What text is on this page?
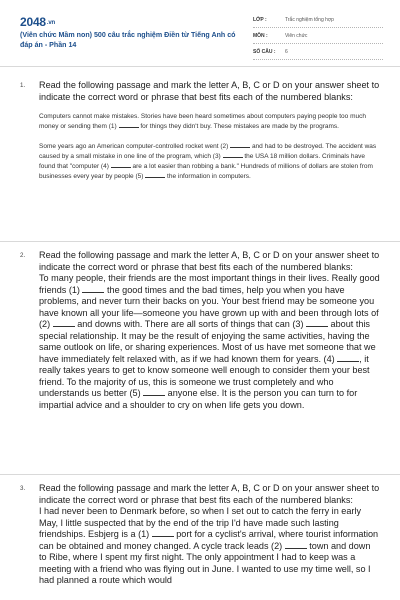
2048.vn
(Viên chức Mầm non) 500 câu trắc nghiệm Điền từ Tiếng Anh có đáp án - Phần 14
LỚP :	Trắc nghiệm tổng hợp
MÔN :	Viên chức
SỐ CÂU : 6
1. Read the following passage and mark the letter A, B, C or D on your answer sheet to indicate the correct word or phrase that best fits each of the numbered blanks:
Computers cannot make mistakes. Stories have been heard sometimes about computers paying people too much money or sending them (1)	for things they didn't buy. These mistakes are made by the programs.
Some years ago an American computer-controlled rocket went (2)	and had to be destroyed. The accident was caused by a small mistake in one line of the program, which (3)	the USA 18 million dollars. Criminals have found that "computer (4)	are a lot easier than robbing a bank." Hundreds of millions of dollars are stolen from businesses every year by people (5)	the information in computers.
2. Read the following passage and mark the letter A, B, C or D on your answer sheet to indicate the correct word or phrase that best fits each of the numbered blanks:
To many people, their friends are the most important things in their lives. Really good friends (1)	the good times and the bad times, help you when you have problems, and never turn their backs on you. Your best friend may be someone you have known all your life—someone you have grown up with and been through lots of (2)	and downs with. There are all sorts of things that can (3)	about this special relationship. It may be the result of enjoying the same activities, having the same outlook on life, or sharing experiences. Most of us have met someone that we have immediately felt relaxed with, as if we had known them for years. (4)	, it really takes years to get to know someone well enough to consider them your best friend. To the majority of us, this is someone we trust completely and who understands us better (5)	anyone else. It is the person you can turn to for impartial advice and a shoulder to cry on when life gets you down.
3. Read the following passage and mark the letter A, B, C or D on your answer sheet to indicate the correct word or phrase that best fits each of the numbered blanks:
I had never been to Denmark before, so when I set out to catch the ferry in early May, I little suspected that by the end of the trip I'd have made such lasting friendships. Esbjerg is a (1)	port for a cyclist's arrival, where tourist information can be obtained and money changed. A cycle track leads (2)	town and down to Ribe, where I spent my first night. The only appointment I had to keep was a meeting with a friend who was flying out in June. I wanted to use my time well, so I had planned a route which would
